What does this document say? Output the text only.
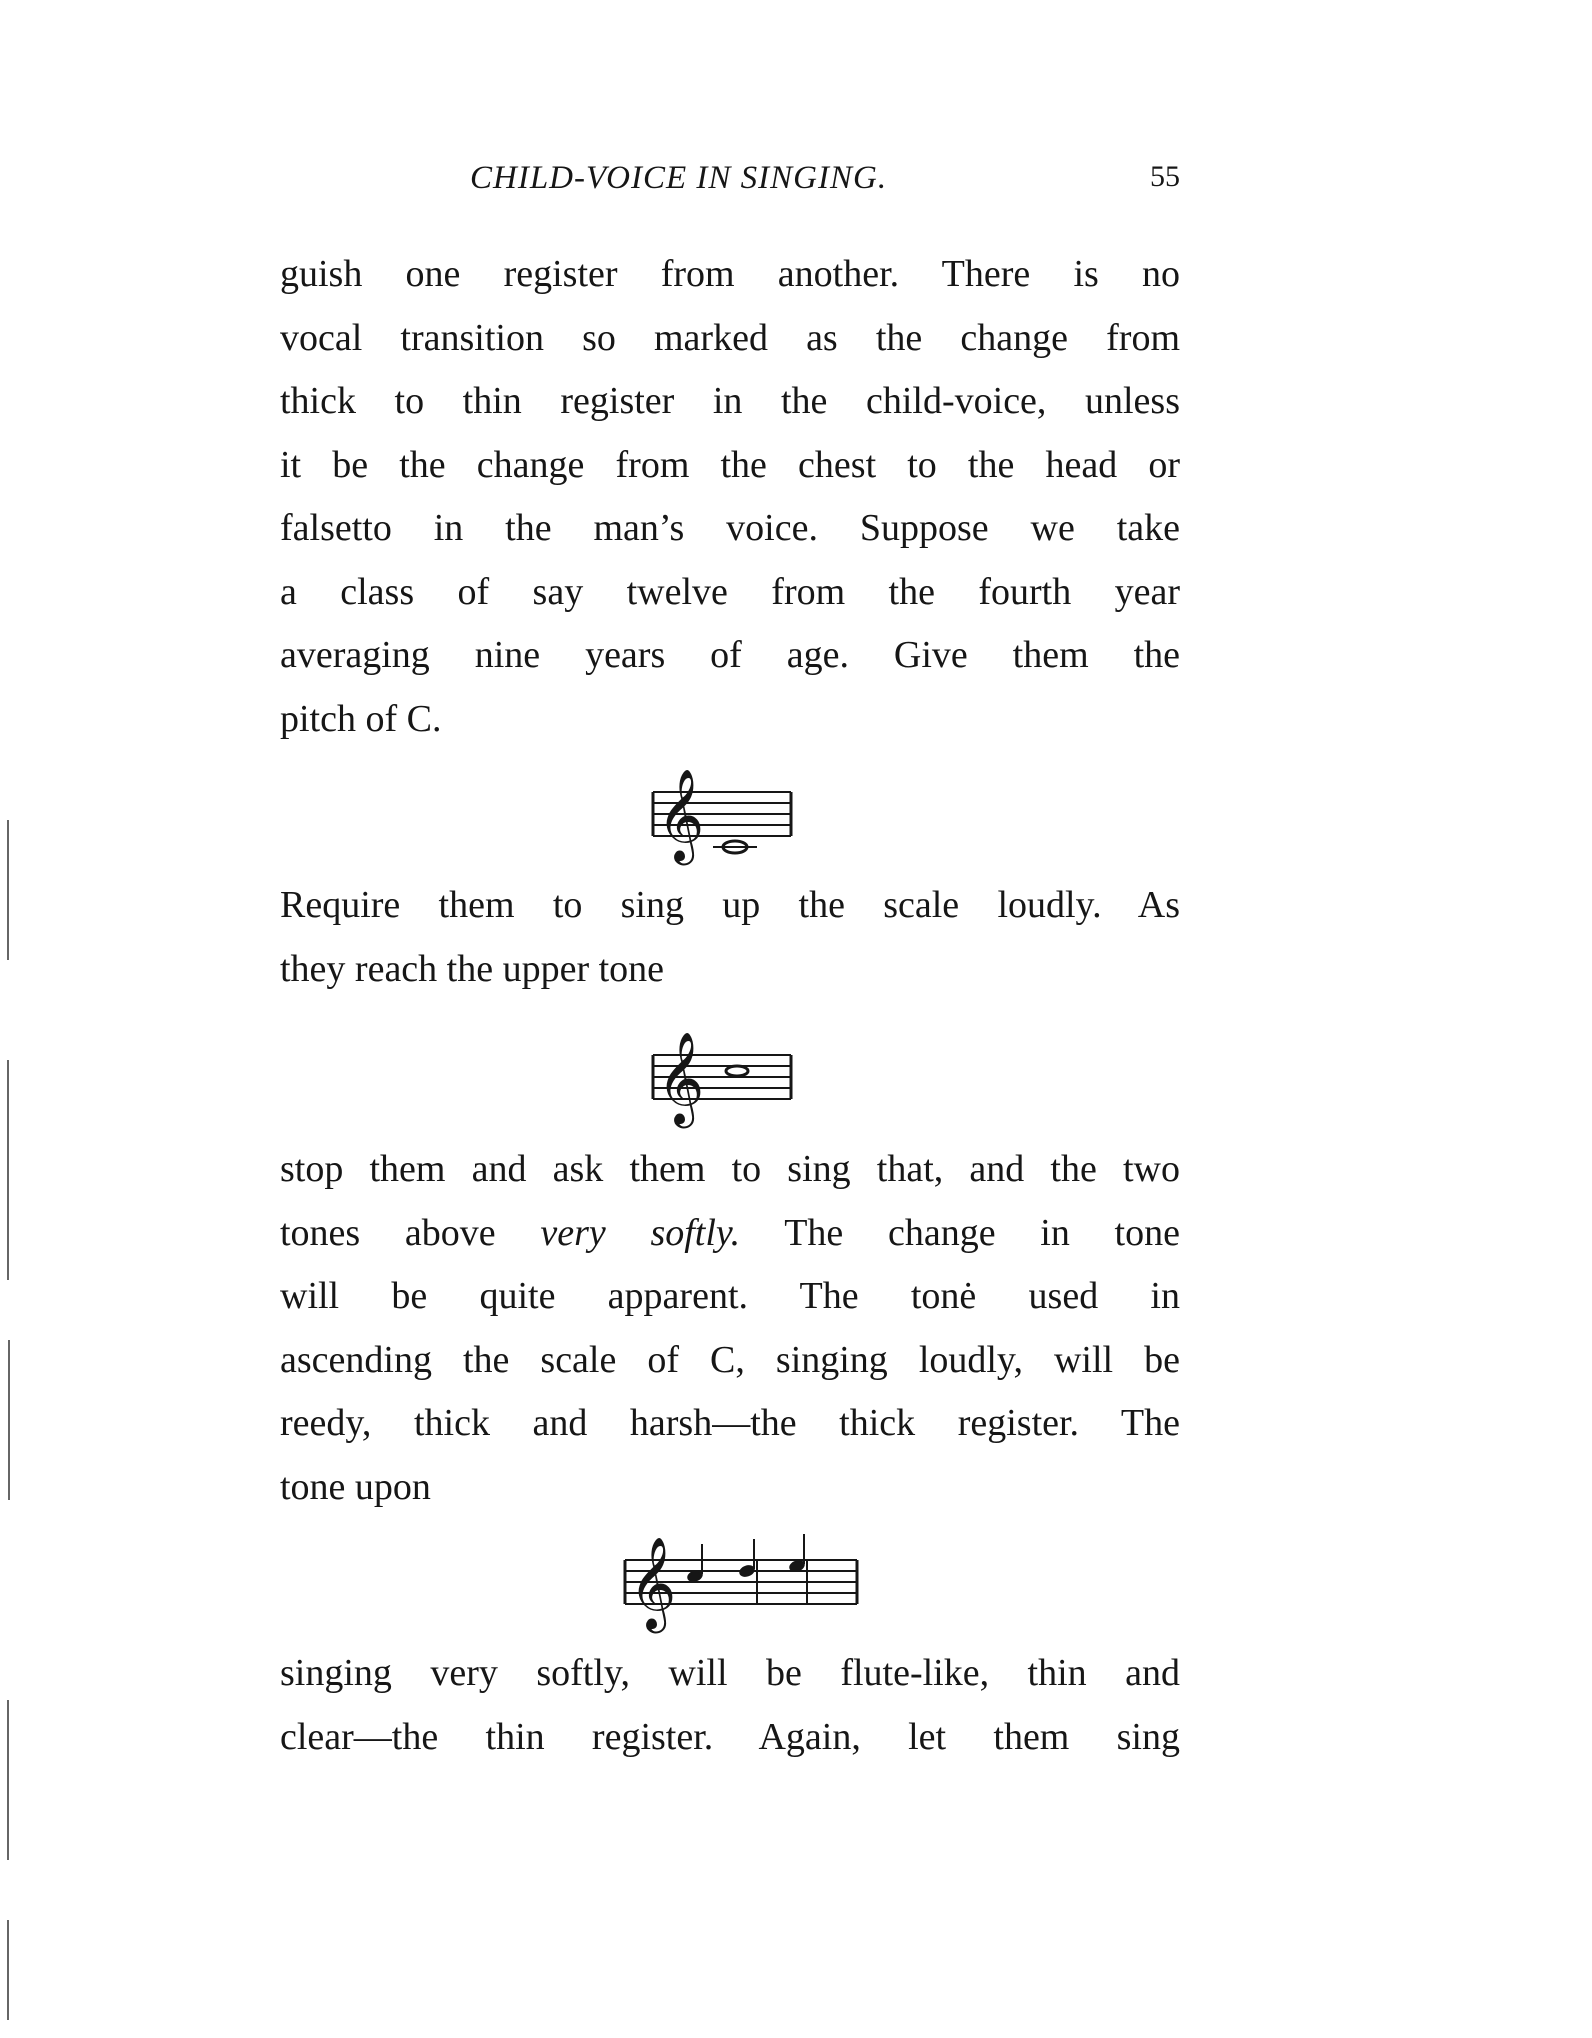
CHILD-VOICE IN SINGING.	55

guish one register from another. There is no
vocal transition so marked as the change from
thick to thin register in the child-voice, unless
it be the change from the chest to the head or
falsetto in the man’s voice. Suppose we take
a class of say twelve from the fourth year
averaging nine years of age. Give them the
pitch of C.

𝄞

Require them to sing up the scale loudly. As
they reach the upper tone

𝄞

stop them and ask them to sing that, and the two
tones above very softly. The change in tone
will be quite apparent. The tonė used in
ascending the scale of C, singing loudly, will be
reedy, thick and harsh—the thick register. The
tone upon

𝄞

singing very softly, will be flute-like, thin and
clear—the thin register. Again, let them sing
